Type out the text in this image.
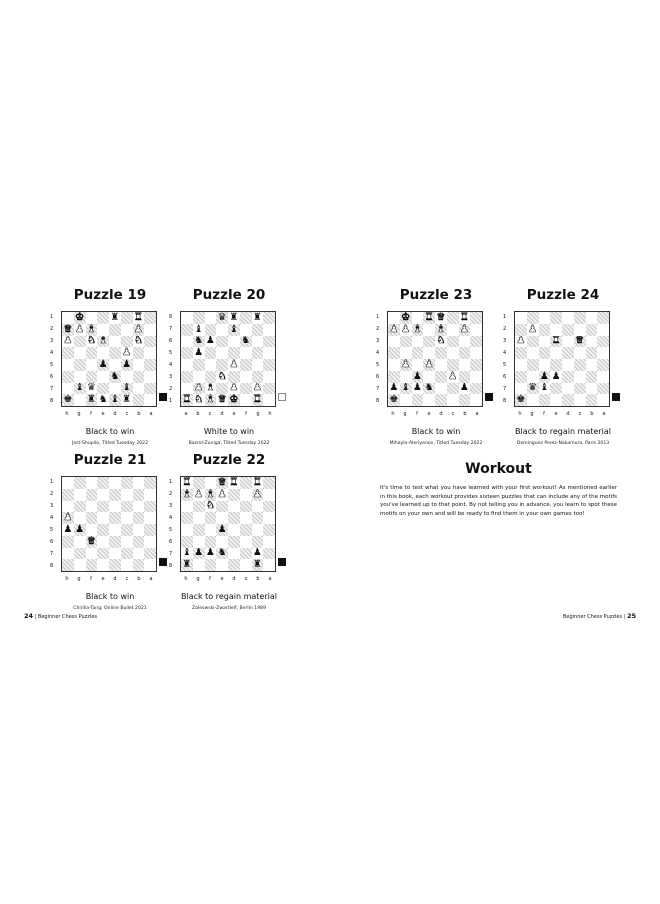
Puzzle 19
1
2
3
4
5
6
7
8
♚	♜ ♜
♛ ♟ ♝	♟
♟ ♞ ♝	♞
♟
♟ ♟
♞
♝ ♛	♝
♚ ♜ ♞ ♝ ♜
h	g	f	e	d	c	b	a
Black to win
Jest-Shupilo, Titled Tuesday 2022
Puzzle 20
8
7
6
5
4
3
2
1
♛ ♜ ♜
♝	♝
♞ ♟	♞
♟
♟
♞
♟ ♝ ♟ ♟
♜ ♞ ♝ ♛ ♚ ♜
a	b	c	d	e	f	g	h
White to win
Bazrol-Zuniga, Titled Tuesday 2022
Puzzle 21
1
2
3
4
5
6
7
8
♟
♟ ♟
♛
h	g	f	e	d	c	b	a
Black to win
Chirilia-Tang, Online Bullet 2021
Puzzle 22
1
2
3
4
5
6
7
8
♜	♛ ♜ ♜
♝ ♟ ♝ ♟	♟
♞
♟
♝ ♟ ♟ ♞	♟
♜	♜
h	g	f	e	d	c	b	a
Black to regain material
Zaleswski-Zwartleif, Berlin 1989
24 | Beginner Chess Puzzles
Puzzle 23
1
2
3
4
5
6
7
8
♚ ♜ ♛ ♜
♟ ♟ ♝ ♝ ♟
♞
♟ ♟
♟	♟
♟ ♝ ♟ ♞	♟
♚
h	g	f	e	d	c	b	a
Black to win
Mihaylo-Aleriyenov, Titled Tuesday 2022
Puzzle 24
1
2
3
4
5
6
7
8
♟
♟	♜ ♛
♟ ♟
♛ ♝
♚
h	g	f	e	d	c	b	a
Black to regain material
Dominguez Perez-Nakamura, Paris 2013
Workout

It's time to test what you have learned with your first workout! As mentioned earlier in this book, each workout provides sixteen puzzles that can include any of the motifs you've learned up to that point. By not telling you in advance, you learn to spot these motifs on your own and will be ready to find them in your own games too!

Beginner Chess Puzzles | 25
